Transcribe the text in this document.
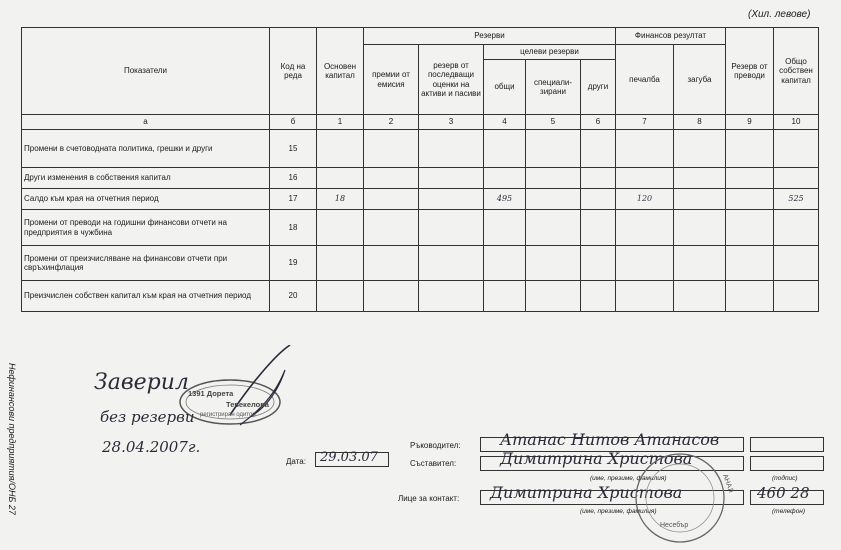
(Хил. левове)
Нефинансови предприятия/ОНБ 27
Показатели	Код на реда	Основен капитал	Резерви					Финансов резултат		Резерв от преводи	Общо собствен капитал
			премии от емисия	резерв от последващи оценки на активи и пасиви	целеви резерви			печалба	загуба		
					общи	специали-зирани	други				
а	б	1	2	3	4	5	6	7	8	9	10
Промени в счетоводната политика, грешки и други	15										
Други изменения в собствения капитал	16										
Салдо към края на отчетния период	17	18			495			120			525
Промени от преводи на годишни финансови отчети на предприятия в чужбина	18										
Промени от преизчисляване на финансови отчети при свръхинфлация	19										
Преизчислен собствен капитал към края на отчетния период	20										
Заверил
без резерви
28.04.2007г.
1391 Дорета
Тевекелова
регистриран одитор
Дата: 29.03.07
Ръководител: Атанас Нитов Атанасов
Съставител:	Димитрина Христова
(име, презиме, фамилия)	(подпис)
Лице за контакт: Димитрина Христова	460 28
(име, презиме, фамилия)	(телефон)
АНАЛ
Несебър
